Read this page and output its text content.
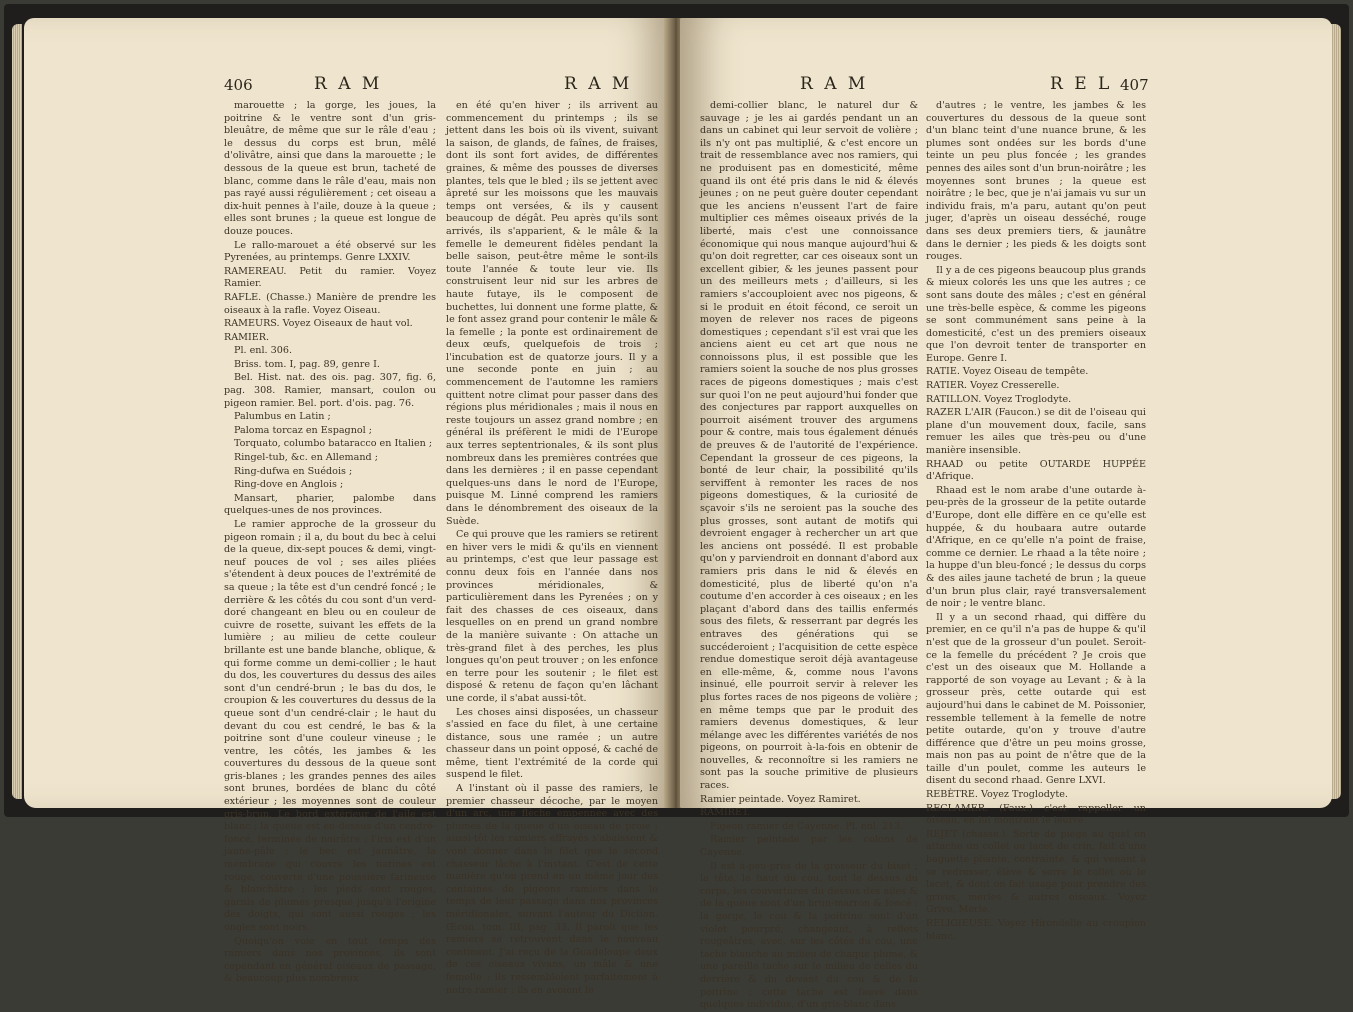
406	R A M	R A M

marouette ; la gorge, les joues, la poitrine & le ventre sont d'un gris-bleuâtre, de même que sur le râle d'eau ; le dessus du corps est brun, mêlé d'olivâtre, ainsi que dans la marouette ; le dessous de la queue est brun, tacheté de blanc, comme dans le râle d'eau, mais non pas rayé aussi régulièrement ; cet oiseau a dix-huit pennes à l'aile, douze à la queue ; elles sont brunes ; la queue est longue de douze pouces.

Le rallo-marouet a été observé sur les Pyrenées, au printemps. Genre LXXIV.

RAMEREAU. Petit du ramier. Voyez Ramier.

RAFLE. (Chasse.) Manière de prendre les oiseaux à la rafle. Voyez Oiseau.

RAMEURS. Voyez Oiseaux de haut vol.

RAMIER.

Pl. enl. 306.

Briss. tom. I, pag. 89, genre I.

Bel. Hist. nat. des ois. pag. 307, fig. 6, pag. 308. Ramier, mansart, coulon ou pigeon ramier. Bel. port. d'ois. pag. 76.

Palumbus en Latin ;

Paloma torcaz en Espagnol ;

Torquato, columbo bataracco en Italien ;

Ringel-tub, &c. en Allemand ;

Ring-dufwa en Suédois ;

Ring-dove en Anglois ;

Mansart, pharier, palombe dans quelques-unes de nos provinces.

Le ramier approche de la grosseur du pigeon romain ; il a, du bout du bec à celui de la queue, dix-sept pouces & demi, vingt-neuf pouces de vol ; ses ailes pliées s'étendent à deux pouces de l'extrémité de sa queue ; la tête est d'un cendré foncé ; le derrière & les côtés du cou sont d'un verd-doré changeant en bleu ou en couleur de cuivre de rosette, suivant les effets de la lumière ; au milieu de cette couleur brillante est une bande blanche, oblique, & qui forme comme un demi-collier ; le haut du dos, les couvertures du dessus des ailes sont d'un cendré-brun ; le bas du dos, le croupion & les couvertures du dessus de la queue sont d'un cendré-clair ; le haut du devant du cou est cendré, le bas & la poitrine sont d'une couleur vineuse ; le ventre, les côtés, les jambes & les couvertures du dessous de la queue sont gris-blanes ; les grandes pennes des ailes sont brunes, bordées de blanc du côté extérieur ; les moyennes sont de couleur gris-brun. Le bord extérieur de l'aile est blanc ; la queue est en-dessus d'un cendré-foncé, terminée de noirâtre ; l'iris est d'un jaune-pâle ; le bec est jaunâtre, la membrane qui couvre les narines est rouge, couverte d'une poussière farineuse & blanchâtre ; les pieds sont rouges, garnis de plumes presque jusqu'à l'origine des doigts, qui sont aussi rouges ; les ongles sont noirs.

Quoiqu'on voie en tout temps des ramiers dans nos provinces, ils sont cependant en général oiseaux de passage, & beaucoup plus nombreux

en été qu'en hiver ; ils arrivent au commencement du printemps ; ils se jettent dans les bois où ils vivent, suivant la saison, de glands, de faînes, de fraises, dont ils sont fort avides, de différentes graines, & même des pousses de diverses plantes, tels que le bled ; ils se jettent avec âpreté sur les moissons que les mauvais temps ont versées, & ils y causent beaucoup de dégât. Peu après qu'ils sont arrivés, ils s'apparient, & le mâle & la femelle le demeurent fidèles pendant la belle saison, peut-être même le sont-ils toute l'année & toute leur vie. Ils construisent leur nid sur les arbres de haute futaye, ils le composent de buchettes, lui donnent une forme platte, & le font assez grand pour contenir le mâle & la femelle ; la ponte est ordinairement de deux œufs, quelquefois de trois ; l'incubation est de quatorze jours. Il y a une seconde ponte en juin ; au commencement de l'automne les ramiers quittent notre climat pour passer dans des régions plus méridionales ; mais il nous en reste toujours un assez grand nombre ; en général ils préfèrent le midi de l'Europe aux terres septentrionales, & ils sont plus nombreux dans les premières contrées que dans les dernières ; il en passe cependant quelques-uns dans le nord de l'Europe, puisque M. Linné comprend les ramiers dans le dénombrement des oiseaux de la Suède.

Ce qui prouve que les ramiers se retirent en hiver vers le midi & qu'ils en viennent au printemps, c'est que leur passage est connu deux fois en l'année dans nos provinces méridionales, & particulièrement dans les Pyrenées ; on y fait des chasses de ces oiseaux, dans lesquelles on en prend un grand nombre de la manière suivante : On attache un très-grand filet à des perches, les plus longues qu'on peut trouver ; on les enfonce en terre pour les soutenir ; le filet est disposé & retenu de façon qu'en lâchant une corde, il s'abat aussi-tôt.

Les choses ainsi disposées, un chasseur s'assied en face du filet, à une certaine distance, sous une ramée ; un autre chasseur dans un point opposé, & caché de même, tient l'extrémité de la corde qui suspend le filet.

A l'instant où il passe des ramiers, le premier chasseur décoche, par le moyen d'un arc, une flèche empennée avec des plumes de la queue d'un oiseau de proie ; aussi-tôt les ramiers effrayés s'abaissent & vont donner dans le filet que le second chasseur lâche à l'instant. C'est de cette manière qu'on prend en un même jour des centaines de pigeons ramiers dans le temps de leur passage dans nos provinces méridionales, suivant l'auteur du Diction. Œcon. tom. III, pag. 33. Il paroît que les ramiers se retrouvent dans le nouveau continent. J'ai reçu de la Guadeloupe deux de ces oiseaux vivans, un mâle & une femelle ; ils ressembloient parfaitement à notre ramier ; ils en avoient le

R A M	R E L 407

demi-collier blanc, le naturel dur & sauvage ; je les ai gardés pendant un an dans un cabinet qui leur servoit de volière ; ils n'y ont pas multiplié, & c'est encore un trait de ressemblance avec nos ramiers, qui ne produisent pas en domesticité, même quand ils ont été pris dans le nid & élevés jeunes ; on ne peut guère douter cependant que les anciens n'eussent l'art de faire multiplier ces mêmes oiseaux privés de la liberté, mais c'est une connoissance économique qui nous manque aujourd'hui & qu'on doit regretter, car ces oiseaux sont un excellent gibier, & les jeunes passent pour un des meilleurs mets ; d'ailleurs, si les ramiers s'accouploient avec nos pigeons, & si le produit en étoit fécond, ce seroit un moyen de relever nos races de pigeons domestiques ; cependant s'il est vrai que les anciens aient eu cet art que nous ne connoissons plus, il est possible que les ramiers soient la souche de nos plus grosses races de pigeons domestiques ; mais c'est sur quoi l'on ne peut aujourd'hui fonder que des conjectures par rapport auxquelles on pourroit aisément trouver des argumens pour & contre, mais tous également dénués de preuves & de l'autorité de l'expérience. Cependant la grosseur de ces pigeons, la bonté de leur chair, la possibilité qu'ils serviffent à remonter les races de nos pigeons domestiques, & la curiosité de sçavoir s'ils ne seroient pas la souche des plus grosses, sont autant de motifs qui devroient engager à rechercher un art que les anciens ont possédé. Il est probable qu'on y parviendroit en donnant d'abord aux ramiers pris dans le nid & élevés en domesticité, plus de liberté qu'on n'a coutume d'en accorder à ces oiseaux ; en les plaçant d'abord dans des taillis enfermés sous des filets, & resserrant par degrés les entraves des générations qui se succéderoient ; l'acquisition de cette espèce rendue domestique seroit déjà avantageuse en elle-même, &, comme nous l'avons insinué, elle pourroit servir à relever les plus fortes races de nos pigeons de volière ; en même temps que par le produit des ramiers devenus domestiques, & leur mélange avec les différentes variétés de nos pigeons, on pourroit à-la-fois en obtenir de nouvelles, & reconnoître si les ramiers ne sont pas la souche primitive de plusieurs races.

Ramier peintade. Voyez Ramiret.

RAMIRET.

Pigeon ramier de Cayenne. Pl. enl. 213.

Ramier peintade par les colons de Cayenne.

Il est à-peu-près de la grosseur du biset ; la tête, le haut du cou, tout le dessus du corps, les couvertures du dessus des ailes & de la queue sont d'un brun-marron & foncé ; la gorge, le cou & la poitrine sont d'un violet pourpré, changeant, à reflets rougeâtres, avec, sur les côtés du cou, une tache blanche au milieu de chaque plume, & une pareille tache sur le milieu de celles du derrière & du devant du cou & de la poitrine ; cette tache est fauve dans quelques individus, d'un gris-blanc dans

d'autres ; le ventre, les jambes & les couvertures du dessous de la queue sont d'un blanc teint d'une nuance brune, & les plumes sont ondées sur les bords d'une teinte un peu plus foncée ; les grandes pennes des ailes sont d'un brun-noirâtre ; les moyennes sont brunes ; la queue est noirâtre ; le bec, que je n'ai jamais vu sur un individu frais, m'a paru, autant qu'on peut juger, d'après un oiseau desséché, rouge dans ses deux premiers tiers, & jaunâtre dans le dernier ; les pieds & les doigts sont rouges.

Il y a de ces pigeons beaucoup plus grands & mieux colorés les uns que les autres ; ce sont sans doute des mâles ; c'est en général une très-belle espèce, & comme les pigeons se sont communément sans peine à la domesticité, c'est un des premiers oiseaux que l'on devroit tenter de transporter en Europe. Genre I.

RATIE. Voyez Oiseau de tempête.

RATIER. Voyez Cresserelle.

RATILLON. Voyez Troglodyte.

RAZER L'AIR (Faucon.) se dit de l'oiseau qui plane d'un mouvement doux, facile, sans remuer les ailes que très-peu ou d'une manière insensible.

RHAAD ou petite OUTARDE HUPPÉE d'Afrique.

Rhaad est le nom arabe d'une outarde à-peu-près de la grosseur de la petite outarde d'Europe, dont elle diffère en ce qu'elle est huppée, & du houbaara autre outarde d'Afrique, en ce qu'elle n'a point de fraise, comme ce dernier. Le rhaad a la tête noire ; la huppe d'un bleu-foncé ; le dessus du corps & des ailes jaune tacheté de brun ; la queue d'un brun plus clair, rayé transversalement de noir ; le ventre blanc.

Il y a un second rhaad, qui diffère du premier, en ce qu'il n'a pas de huppe & qu'il n'est que de la grosseur d'un poulet. Seroit-ce la femelle du précédent ? Je crois que c'est un des oiseaux que M. Hollande a rapporté de son voyage au Levant ; & à la grosseur près, cette outarde qui est aujourd'hui dans le cabinet de M. Poissonier, ressemble tellement à la femelle de notre petite outarde, qu'on y trouve d'autre différence que d'être un peu moins grosse, mais non pas au point de n'être que de la taille d'un poulet, comme les auteurs le disent du second rhaad. Genre LXVI.

REBÈTRE. Voyez Troglodyte.

RECLAMER. (Faux.) c'est rappeller un oiseau, en lui montrant le leurre.

REJET (chasse.). Sorte de piège au quel on attache un collet ou lacet de crin, fait d'une baguette pliante, contrainte, & qui venant à se redresser, élève & serre le collet où le lacet, & dont on fait usage pour prendre des grives, merles & autres oiseaux. Voyez Grive, Merle.

RELIGIEUSE. Voyez Hirondelle au croupion blanc.
